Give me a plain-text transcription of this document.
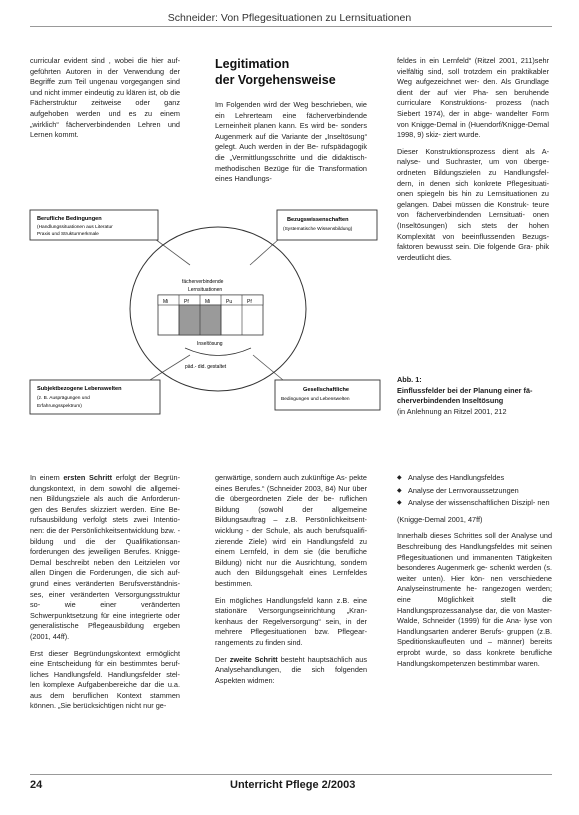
Schneider: Von Pflegesituationen zu Lernsituationen

curricular evident sind , wobei die hier auf- geführten Autoren in der Verwendung der Begriffe zum Teil ungenau vorgegangen sind und nicht immer eindeutig zu klären ist, ob die Fächerstruktur zeitweise oder ganz aufgehoben werden und es zu einem „wirklich“ fächerverbindenden Lehren und Lernen kommt.

Legitimation
der Vorgehensweise

Im Folgenden wird der Weg beschrieben, wie ein Lehrerteam eine fächerverbindende Lerneinheit planen kann. Es wird be- sonders Augenmerk auf die Variante der „Inseltösung“ gelegt. Auch werden in der Be- rufspädagogik die „Vermittlungsschritte und die didaktisch-methodischen Bezüge für die Transformation eines Handlungs-

feldes in ein Lernfeld“ (Ritzel 2001, 211)sehr vielfältig sind, soll trotzdem ein praktikabler Weg aufgezeichnet wer- den. Als Grundlage dient der auf vier Pha- sen beruhende curriculare Konstruktions- prozess (nach Siebert 1974), der in abge- wandelter Form von Knigge-Demal in (Huendorf/Knigge-Demal 1998, 9) skiz- ziert wurde.

Dieser Konstruktionsprozess dient als A- nalyse- und Suchraster, um von überge- ordneten Bildungszielen zu Handlungsfel- dern, in denen sich konkrete Pflegesituati- onen spiegeln bis hin zu Lernsituationen zu gelangen. Dabei müssen die Konstruk- teure von fächerverbindenden Lernsituati- onen (Inseltösungen) sich stets der hohen Komplexität von beeinflussenden Bezugs- faktoren bewusst sein. Die folgende Gra- phik verdeutlicht dies.

Berufliche Bedingungen
(Handlungssituationen aus Literatur
Praxis und Strukturmerkmale
Bezugswissenschaften
(Systematische Wissensbildung)
Subjektbezogene Lebenswelten
(z. B. Ausprägungen und
Erfahrungsspektrum)
Gesellschaftliche
Bedingungen und Lebenswelten
fächerverbindende
Lernsituationen
Mi	Pf	Mi	Pu	Pf
Inseltösung
päd.- did. gestaltet
Abb. 1:
Einflussfelder bei der Planung einer fä- cherverbindenden Inseltösung
(in Anlehnung an Ritzel 2001, 212

In einem ersten Schritt erfolgt der Begrün- dungskontext, in dem sowohl die allgemei- nen Bildungsziele als auch die Anforderun- gen des Berufes skizziert werden. Eine Be- rufsausbildung verfolgt stets zwei Intentio- nen: die der Persönlichkeitsentwicklung bzw. -bildung und die der Qualifikationsan- forderungen des jeweiligen Berufes. Knigge- Demal beschreibt neben den Leitzielen vor allen Dingen die Forderungen, die sich auf- grund eines veränderten Berufsverständnis- ses, einer veränderten Versorgungsstruktur so- wie einer veränderten Schwerpunktsetzung für eine integrierte oder generalistische Pflegeausbildung ergeben (2001, 44ff).

Erst dieser Begründungskontext ermöglicht eine Entscheidung für ein bestimmtes beruf- liches Handlungsfeld. Handlungsfelder stel- len komplexe Aufgabenbereiche dar die u.a. aus dem beruflichen Kontext stammen können. „Sie berücksichtigen nicht nur ge-

genwärtige, sondern auch zukünftige As- pekte eines Berufes.“ (Schneider 2003, 84) Nur über die übergeordneten Ziele der be- ruflichen Bildung (sowohl der allgemeine Bildungsauftrag – z.B. Persönlichkeitsent- wicklung - der Schule, als auch berufsqualifi- zierende Ziele) wird ein Handlungsfeld zu einem Lernfeld, in dem sie (die berufliche Bildung) nicht nur die Ausrichtung, sondern auch den Bildungsgehalt eines Lernfeldes bestimmen.

Ein mögliches Handlungsfeld kann z.B. eine stationäre Versorgungseinrichtung „Kran- kenhaus der Regelversorgung“ sein, in der mehrere Pflegesituationen bzw. Pflegear- rangements zu finden sind.

Der zweite Schritt besteht hauptsächlich aus Analysehandlungen, die sich folgenden Aspekten widmen:

◆ Analyse des Handlungsfeldes
◆ Analyse der Lernvoraussetzungen
◆ Analyse der wissenschaftlichen Diszipl- nen

(Knigge-Demal 2001, 47ff)

Innerhalb dieses Schrittes soll der Analyse und Beschreibung des Handlungsfeldes mit seinen Pflegesituationen und immanenten Tätigkeiten besonderes Augenmerk ge- schenkt werden (s. weiter unten). Hier kön- nen verschiedene Analyseinstrumente he- rangezogen werden; eine Möglichkeit stellt die Handlungsprozessanalyse dar, die von Master-Walde, Schneider (1999) für die Ana- lyse von Handlungsarten anderer Berufs- gruppen (z.B. Speditionskaufleuten und – männer) bereits erprobt wurde, so dass konkrete berufliche Handlungskompetenzen bestimmbar waren.

24	Unterricht Pflege 2/2003
